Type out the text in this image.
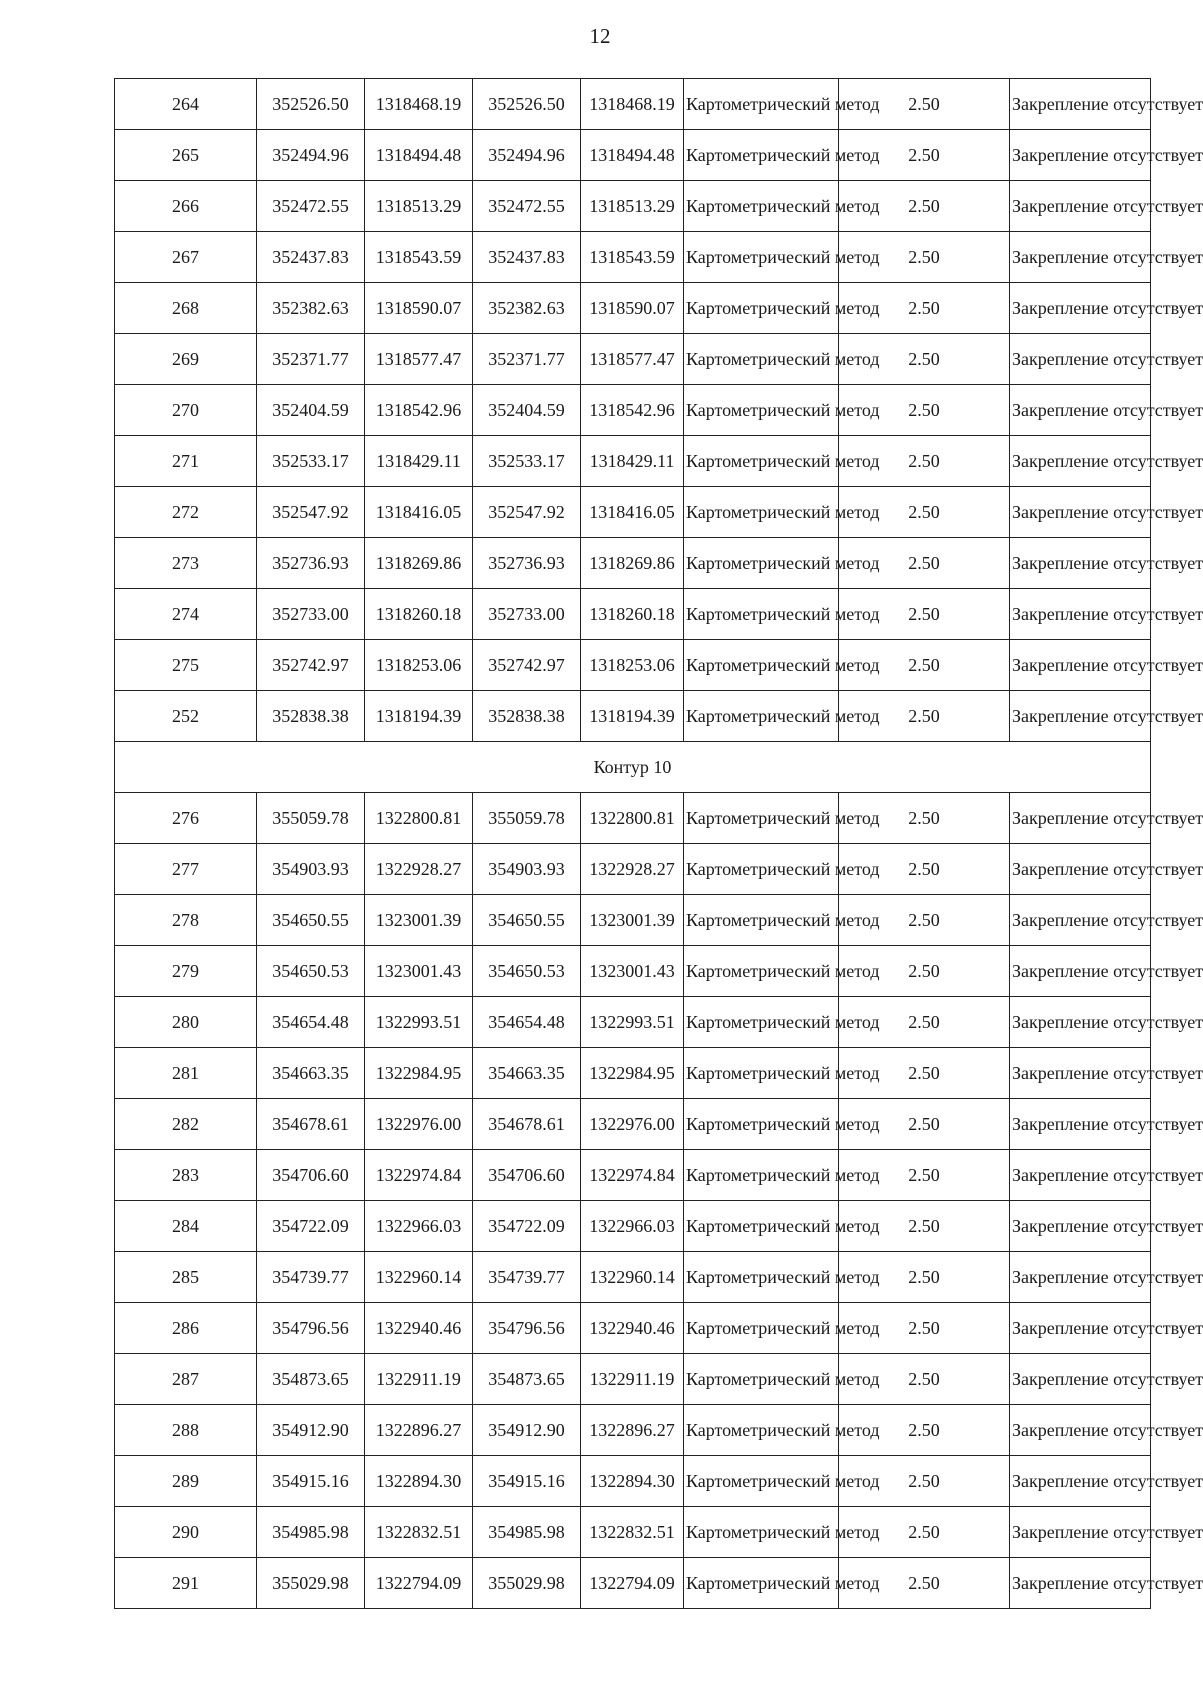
12
264	352526.50	1318468.19	352526.50	1318468.19	Картометрический метод	2.50	Закрепление отсутствует
265	352494.96	1318494.48	352494.96	1318494.48	Картометрический метод	2.50	Закрепление отсутствует
266	352472.55	1318513.29	352472.55	1318513.29	Картометрический метод	2.50	Закрепление отсутствует
267	352437.83	1318543.59	352437.83	1318543.59	Картометрический метод	2.50	Закрепление отсутствует
268	352382.63	1318590.07	352382.63	1318590.07	Картометрический метод	2.50	Закрепление отсутствует
269	352371.77	1318577.47	352371.77	1318577.47	Картометрический метод	2.50	Закрепление отсутствует
270	352404.59	1318542.96	352404.59	1318542.96	Картометрический метод	2.50	Закрепление отсутствует
271	352533.17	1318429.11	352533.17	1318429.11	Картометрический метод	2.50	Закрепление отсутствует
272	352547.92	1318416.05	352547.92	1318416.05	Картометрический метод	2.50	Закрепление отсутствует
273	352736.93	1318269.86	352736.93	1318269.86	Картометрический метод	2.50	Закрепление отсутствует
274	352733.00	1318260.18	352733.00	1318260.18	Картометрический метод	2.50	Закрепление отсутствует
275	352742.97	1318253.06	352742.97	1318253.06	Картометрический метод	2.50	Закрепление отсутствует
252	352838.38	1318194.39	352838.38	1318194.39	Картометрический метод	2.50	Закрепление отсутствует
Контур 10							
276	355059.78	1322800.81	355059.78	1322800.81	Картометрический метод	2.50	Закрепление отсутствует
277	354903.93	1322928.27	354903.93	1322928.27	Картометрический метод	2.50	Закрепление отсутствует
278	354650.55	1323001.39	354650.55	1323001.39	Картометрический метод	2.50	Закрепление отсутствует
279	354650.53	1323001.43	354650.53	1323001.43	Картометрический метод	2.50	Закрепление отсутствует
280	354654.48	1322993.51	354654.48	1322993.51	Картометрический метод	2.50	Закрепление отсутствует
281	354663.35	1322984.95	354663.35	1322984.95	Картометрический метод	2.50	Закрепление отсутствует
282	354678.61	1322976.00	354678.61	1322976.00	Картометрический метод	2.50	Закрепление отсутствует
283	354706.60	1322974.84	354706.60	1322974.84	Картометрический метод	2.50	Закрепление отсутствует
284	354722.09	1322966.03	354722.09	1322966.03	Картометрический метод	2.50	Закрепление отсутствует
285	354739.77	1322960.14	354739.77	1322960.14	Картометрический метод	2.50	Закрепление отсутствует
286	354796.56	1322940.46	354796.56	1322940.46	Картометрический метод	2.50	Закрепление отсутствует
287	354873.65	1322911.19	354873.65	1322911.19	Картометрический метод	2.50	Закрепление отсутствует
288	354912.90	1322896.27	354912.90	1322896.27	Картометрический метод	2.50	Закрепление отсутствует
289	354915.16	1322894.30	354915.16	1322894.30	Картометрический метод	2.50	Закрепление отсутствует
290	354985.98	1322832.51	354985.98	1322832.51	Картометрический метод	2.50	Закрепление отсутствует
291	355029.98	1322794.09	355029.98	1322794.09	Картометрический метод	2.50	Закрепление отсутствует
